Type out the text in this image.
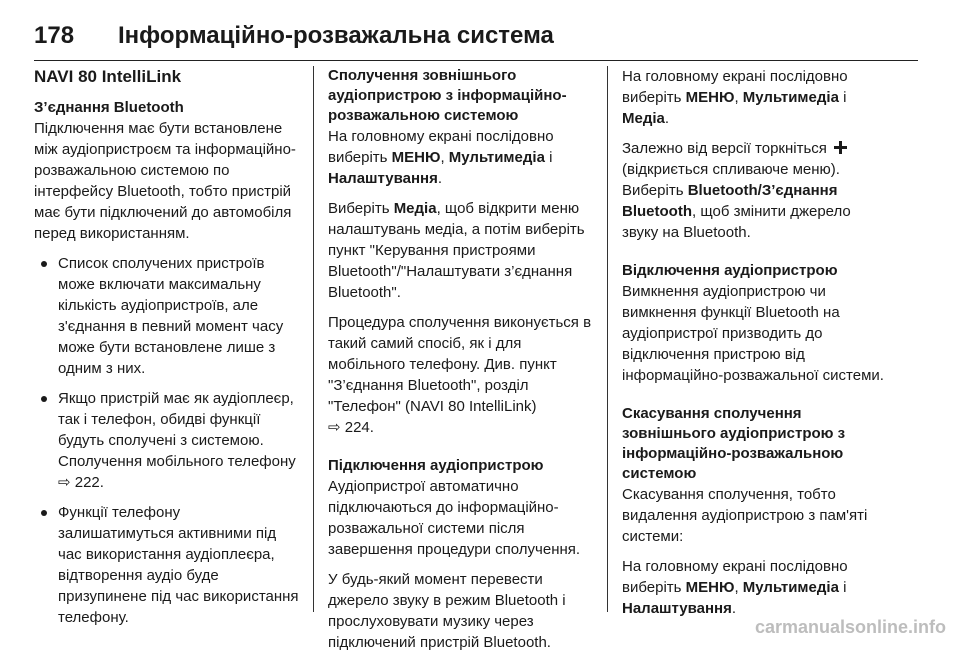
178 Інформаційно-розважальна система
NAVI 80 IntelliLink
З’єднання Bluetooth
Підключення має бути встановлене між аудіопристроєм та інформаційно-розважальною системою по інтерфейсу Bluetooth, тобто пристрій має бути підключений до автомобіля перед використанням.
Список сполучених пристроїв може включати максимальну кількість аудіопристроїв, але з'єднання в певний момент часу може бути встановлене лише з одним з них.
Якщо пристрій має як аудіоплеєр, так і телефон, обидві функції будуть сполучені з системою. Сполучення мобільного телефону ⇨ 222.
Функції телефону залишатимуться активними під час використання аудіоплеєра, відтворення аудіо буде призупинене під час використання телефону.
Сполучення зовнішнього аудіопристрою з інформаційно-розважальною системою
На головному екрані послідовно виберіть МЕНЮ, Мультимедіа і Налаштування.
Виберіть Медіа, щоб відкрити меню налаштувань медіа, а потім виберіть пункт "Керування пристроями Bluetooth"/"Налаштувати з’єднання Bluetooth".
Процедура сполучення виконується в такий самий спосіб, як і для мобільного телефону. Див. пункт "З’єднання Bluetooth", розділ "Телефон" (NAVI 80 IntelliLink)
⇨ 224.
Підключення аудіопристрою
Аудіопристрої автоматично підключаються до інформаційно-розважальної системи після завершення процедури сполучення.
У будь-який момент перевести джерело звуку в режим Bluetooth і прослуховувати музику через підключений пристрій Bluetooth.
На головному екрані послідовно виберіть МЕНЮ, Мультимедіа і Медіа.
Залежно від версії торкніться  (відкриється спливаюче меню). Виберіть Bluetooth/З’єднання Bluetooth, щоб змінити джерело звуку на Bluetooth.
Відключення аудіопристрою
Вимкнення аудіопристрою чи вимкнення функції Bluetooth на аудіопристрої призводить до відключення пристрою від інформаційно-розважальної системи.
Скасування сполучення зовнішнього аудіопристрою з інформаційно-розважальною системою
Скасування сполучення, тобто видалення аудіопристрою з пам'яті системи:
На головному екрані послідовно виберіть МЕНЮ, Мультимедіа і Налаштування.
carmanualsonline.info
